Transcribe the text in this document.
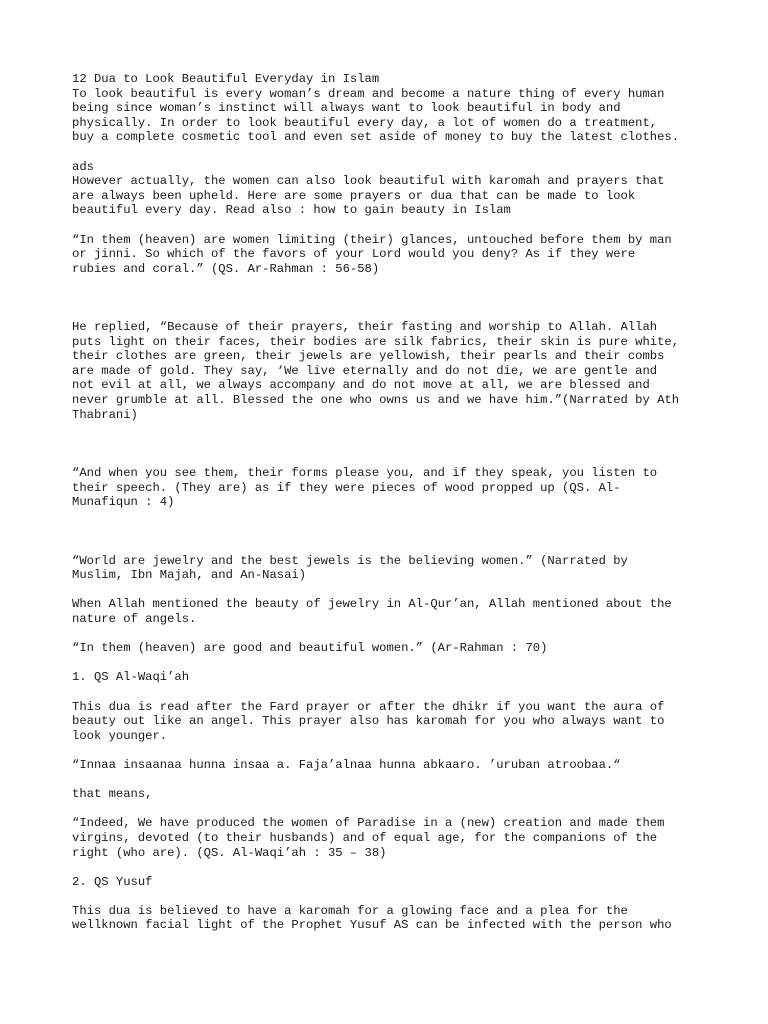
12 Dua to Look Beautiful Everyday in Islam

To look beautiful is every woman’s dream and become a nature thing of every human

being since woman’s instinct will always want to look beautiful in body and

physically. In order to look beautiful every day, a lot of women do a treatment,

buy a complete cosmetic tool and even set aside of money to buy the latest clothes.

ads

However actually, the women can also look beautiful with karomah and prayers that

are always been upheld. Here are some prayers or dua that can be made to look

beautiful every day. Read also : how to gain beauty in Islam

“In them (heaven) are women limiting (their) glances, untouched before them by man

or jinni. So which of the favors of your Lord would you deny? As if they were

rubies and coral.” (QS. Ar-Rahman : 56-58)

He replied, “Because of their prayers, their fasting and worship to Allah. Allah

puts light on their faces, their bodies are silk fabrics, their skin is pure white,

their clothes are green, their jewels are yellowish, their pearls and their combs

are made of gold. They say, ‘We live eternally and do not die, we are gentle and

not evil at all, we always accompany and do not move at all, we are blessed and

never grumble at all. Blessed the one who owns us and we have him.”(Narrated by Ath

Thabrani)

“And when you see them, their forms please you, and if they speak, you listen to

their speech. (They are) as if they were pieces of wood propped up (QS. Al-

Munafiqun : 4)

“World are jewelry and the best jewels is the believing women.” (Narrated by

Muslim, Ibn Majah, and An-Nasai)

When Allah mentioned the beauty of jewelry in Al-Qur’an, Allah mentioned about the

nature of angels.

“In them (heaven) are good and beautiful women.” (Ar-Rahman : 70)

1. QS Al-Waqi’ah

This dua is read after the Fard prayer or after the dhikr if you want the aura of

beauty out like an angel. This prayer also has karomah for you who always want to

look younger.

“Innaa insaanaa hunna insaa a. Faja’alnaa hunna abkaaro. ’uruban atroobaa.“

that means,

“Indeed, We have produced the women of Paradise in a (new) creation and made them

virgins, devoted (to their husbands) and of equal age, for the companions of the

right (who are). (QS. Al-Waqi’ah : 35 – 38)

2. QS Yusuf

This dua is believed to have a karomah for a glowing face and a plea for the

wellknown facial light of the Prophet Yusuf AS can be infected with the person who
